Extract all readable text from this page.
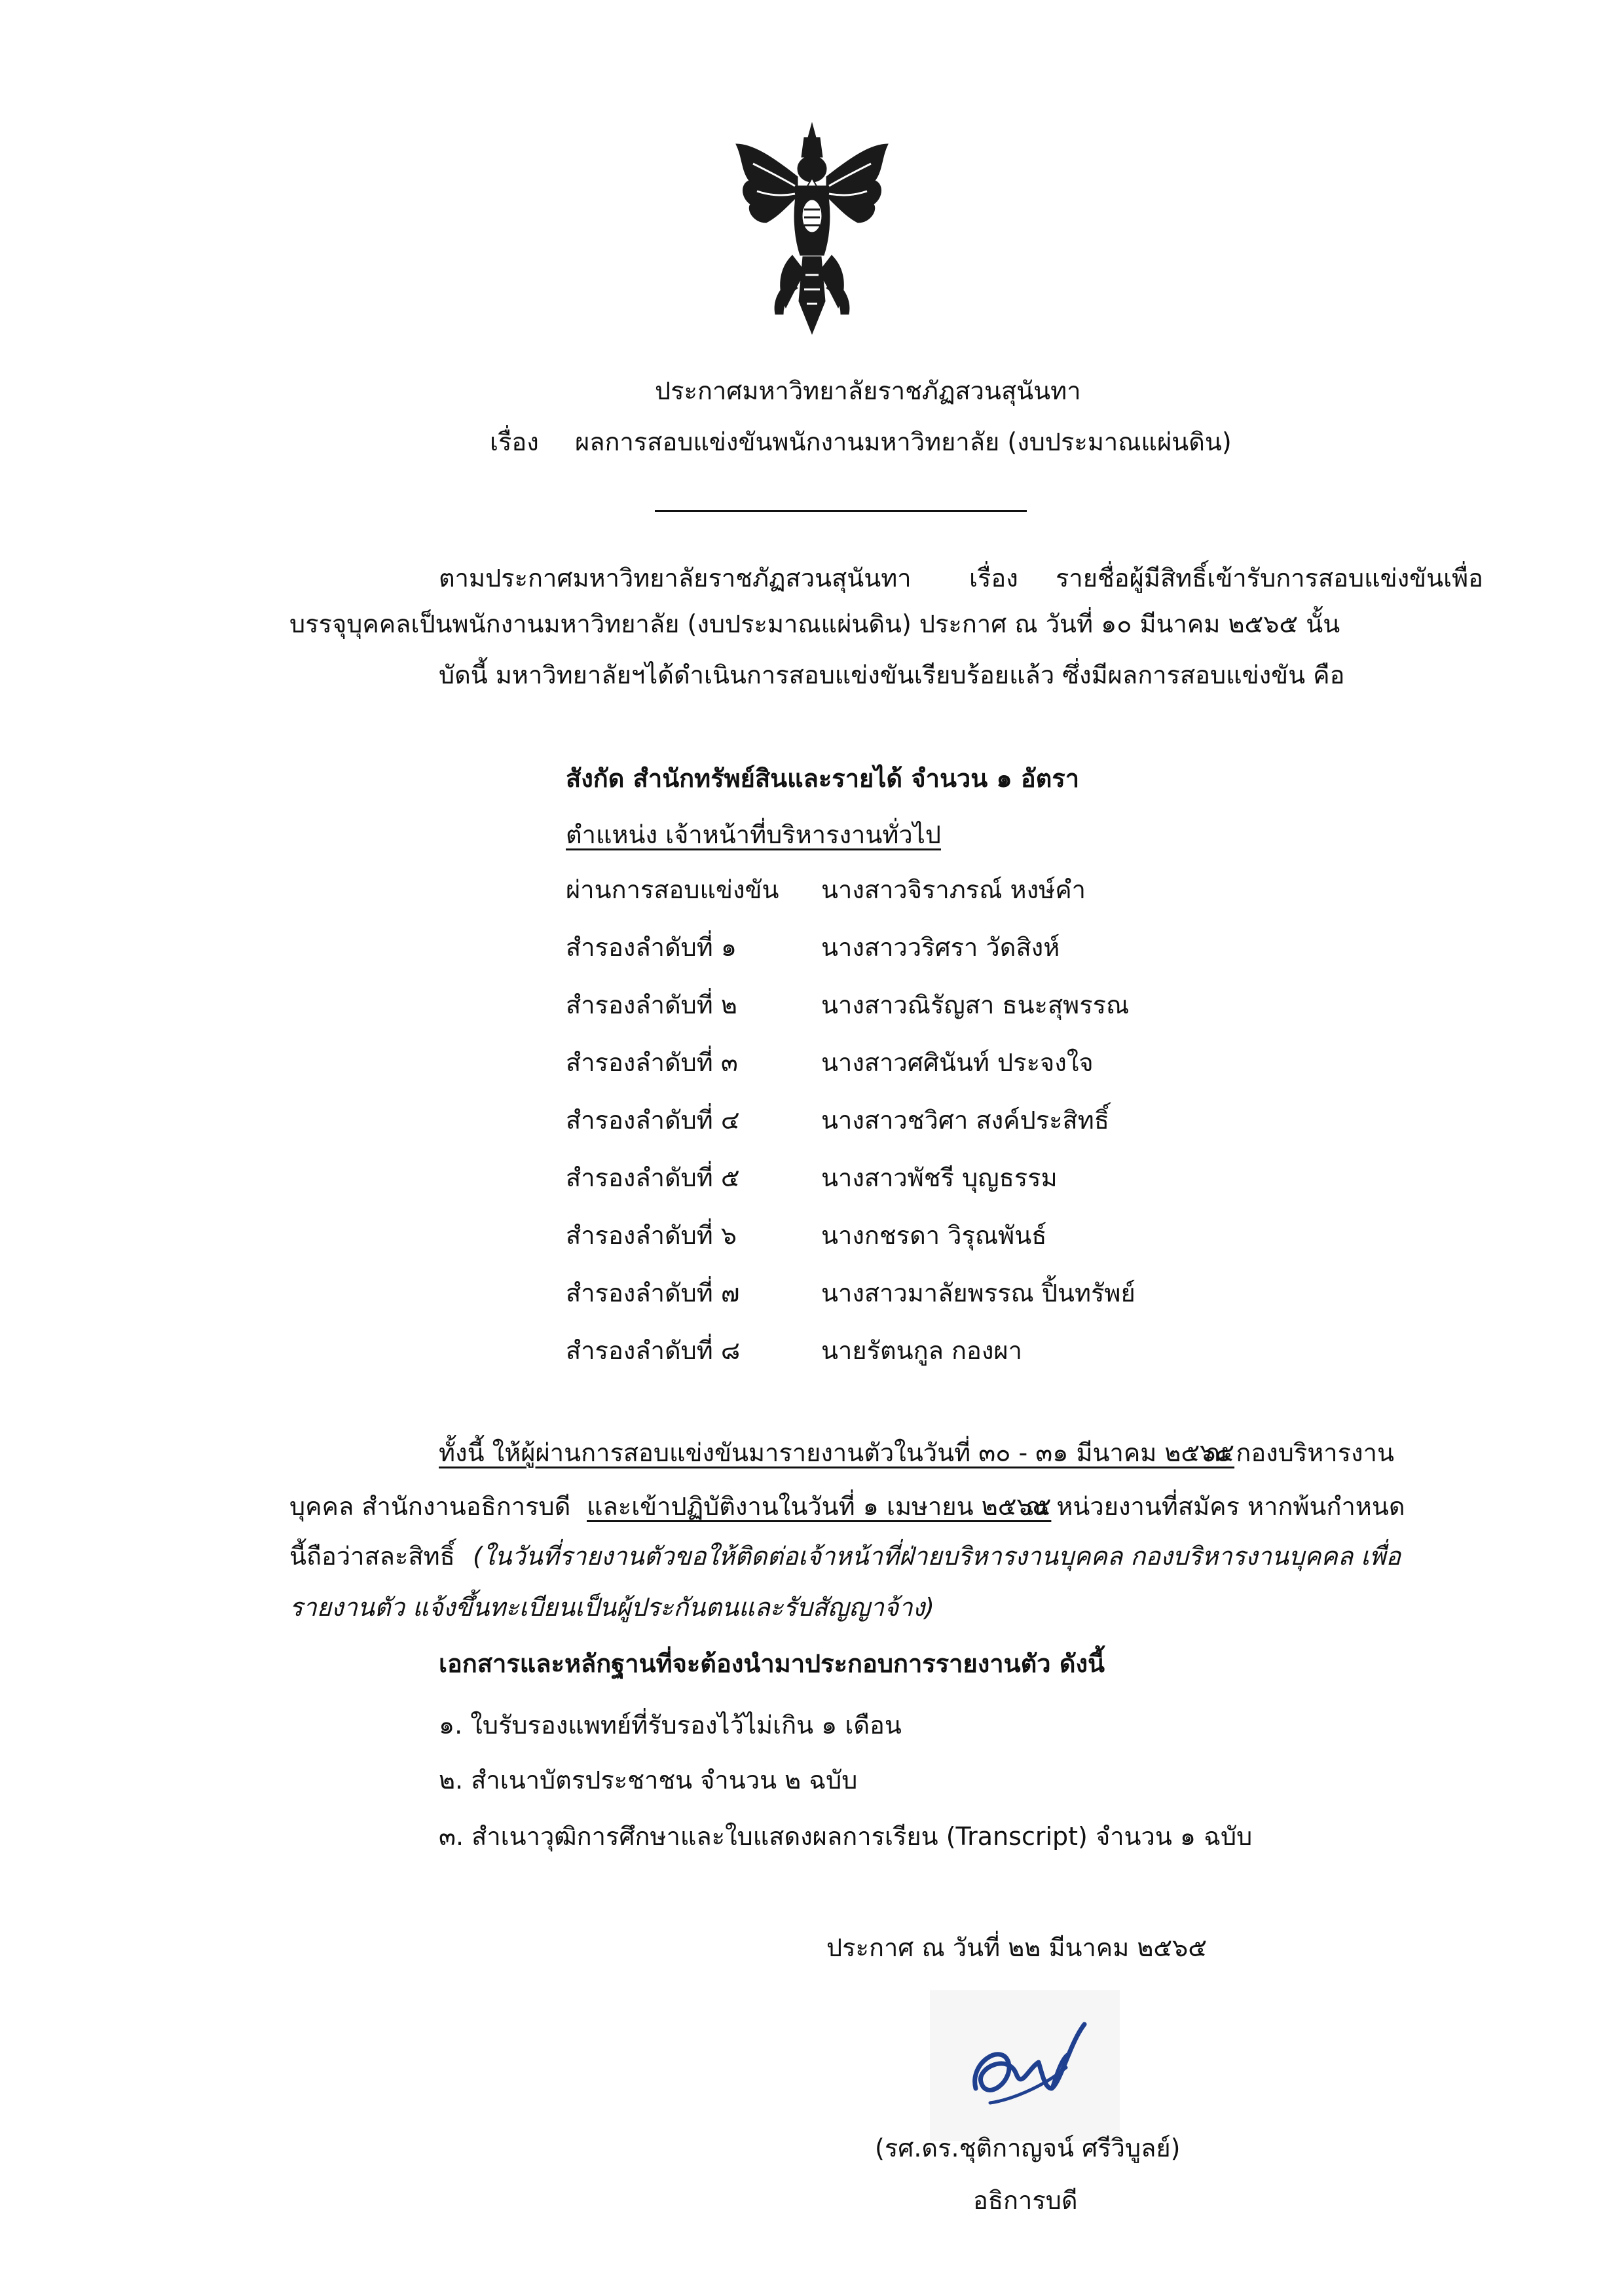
ประกาศมหาวิทยาลัยราชภัฏสวนสุนันทา
เรื่อง ผลการสอบแข่งขันพนักงานมหาวิทยาลัย (งบประมาณแผ่นดิน)
ตามประกาศมหาวิทยาลัยราชภัฏสวนสุนันทา เรื่อง รายชื่อผู้มีสิทธิ์เข้ารับการสอบแข่งขันเพื่อ
บรรจุบุคคลเป็นพนักงานมหาวิทยาลัย (งบประมาณแผ่นดิน) ประกาศ ณ วันที่ ๑๐ มีนาคม ๒๕๖๕ นั้น
บัดนี้ มหาวิทยาลัยฯได้ดำเนินการสอบแข่งขันเรียบร้อยแล้ว ซึ่งมีผลการสอบแข่งขัน คือ
สังกัด สำนักทรัพย์สินและรายได้ จำนวน ๑ อัตรา
ตำแหน่ง เจ้าหน้าที่บริหารงานทั่วไป
ผ่านการสอบแข่งขัน นางสาวจิราภรณ์ หงษ์คำ
สำรองลำดับที่ ๑	นางสาววริศรา วัดสิงห์
สำรองลำดับที่ ๒	นางสาวณิรัญสา ธนะสุพรรณ
สำรองลำดับที่ ๓	นางสาวศศินันท์ ประจงใจ
สำรองลำดับที่ ๔	นางสาวชวิศา สงค์ประสิทธิ์
สำรองลำดับที่ ๕	นางสาวพัชรี บุญธรรม
สำรองลำดับที่ ๖	นางกชรดา วิรุณพันธ์
สำรองลำดับที่ ๗	นางสาวมาลัยพรรณ ปิ้นทรัพย์
สำรองลำดับที่ ๘	นายรัตนกูล กองผา
ทั้งนี้ ให้ผู้ผ่านการสอบแข่งขันมารายงานตัวในวันที่ ๓๐ - ๓๑ มีนาคม ๒๕๖๕
ณ กองบริหารงาน
บุคคล สำนักงานอธิการบดี และเข้าปฏิบัติงานในวันที่ ๑ เมษายน ๒๕๖๕
ณ หน่วยงานที่สมัคร หากพ้นกำหนด
นี้ถือว่าสละสิทธิ์ (ในวันที่รายงานตัวขอให้ติดต่อเจ้าหน้าที่ฝ่ายบริหารงานบุคคล กองบริหารงานบุคคล เพื่อ
รายงานตัว แจ้งขึ้นทะเบียนเป็นผู้ประกันตนและรับสัญญาจ้าง)
เอกสารและหลักฐานที่จะต้องนำมาประกอบการรายงานตัว ดังนี้
๑. ใบรับรองแพทย์ที่รับรองไว้ไม่เกิน ๑ เดือน
๒. สำเนาบัตรประชาชน จำนวน ๒ ฉบับ
๓. สำเนาวุฒิการศึกษาและใบแสดงผลการเรียน (Transcript) จำนวน ๑ ฉบับ
ประกาศ ณ วันที่ ๒๒ มีนาคม ๒๕๖๕
(รศ.ดร.ชุติกาญจน์ ศรีวิบูลย์)
อธิการบดี
